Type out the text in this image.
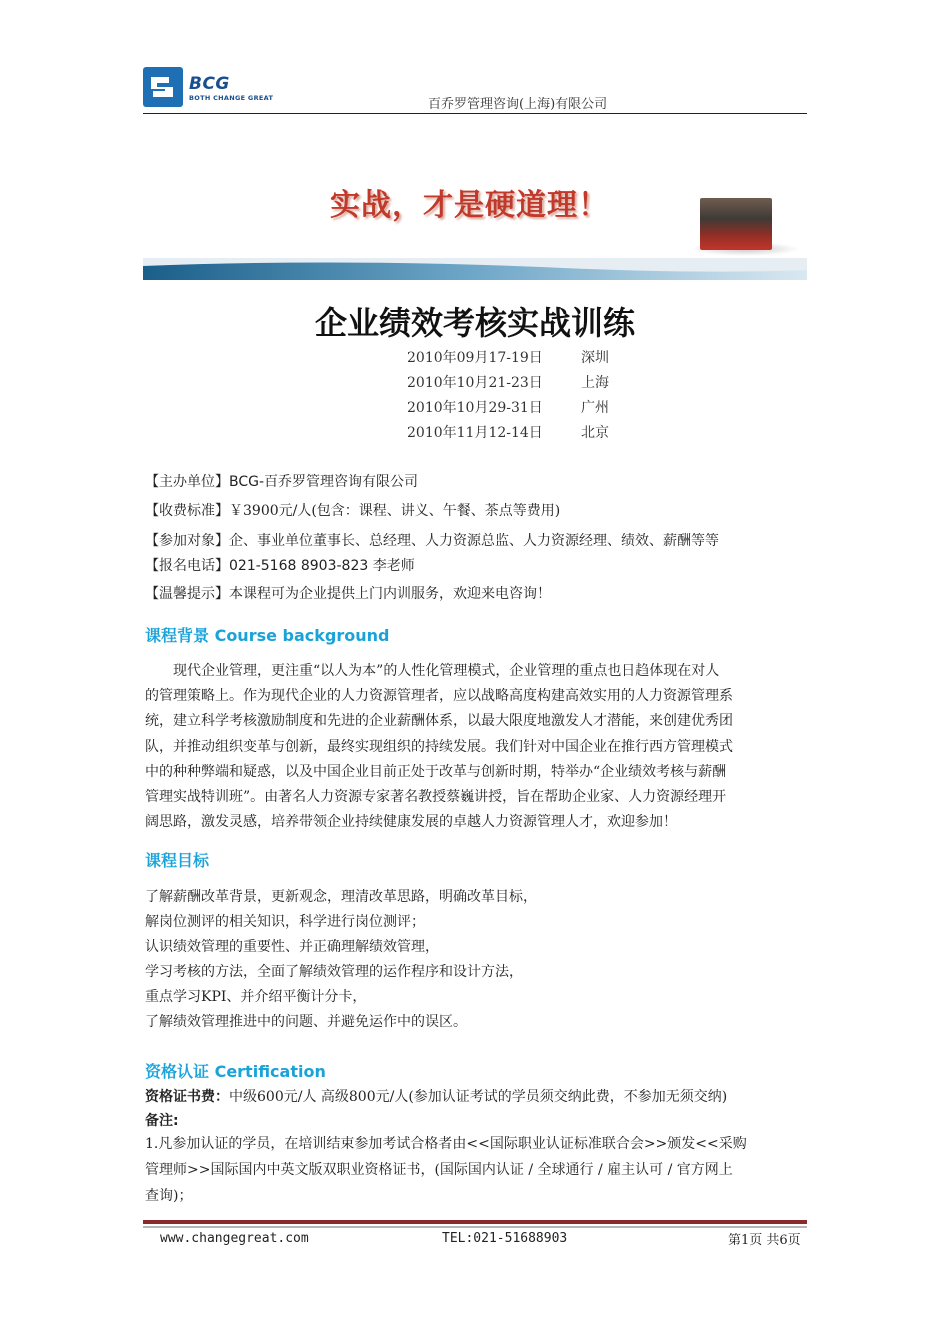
BCG
BOTH CHANGE GREAT	百乔罗管理咨询(上海)有限公司
实战，才是硬道理！
企业绩效考核实战训练
2010年09月17-19日	深圳
2010年10月21-23日	上海
2010年10月29-31日	广州
2010年11月12-14日	北京
【主办单位】BCG-百乔罗管理咨询有限公司
【收费标准】￥3900元/人(包含：课程、讲义、午餐、茶点等费用)
【参加对象】企、事业单位董事长、总经理、人力资源总监、人力资源经理、绩效、薪酬等等
【报名电话】021-5168 8903-823 李老师
【温馨提示】本课程可为企业提供上门内训服务，欢迎来电咨询！
课程背景 Course background

　　现代企业管理，更注重“以人为本”的人性化管理模式，企业管理的重点也日趋体现在对人

的管理策略上。作为现代企业的人力资源管理者，应以战略高度构建高效实用的人力资源管理系

统，建立科学考核激励制度和先进的企业薪酬体系，以最大限度地激发人才潜能，来创建优秀团

队，并推动组织变革与创新，最终实现组织的持续发展。我们针对中国企业在推行西方管理模式

中的种种弊端和疑惑，以及中国企业目前正处于改革与创新时期，特举办“企业绩效考核与薪酬

管理实战特训班”。由著名人力资源专家著名教授蔡巍讲授，旨在帮助企业家、人力资源经理开

阔思路，激发灵感，培养带领企业持续健康发展的卓越人力资源管理人才，欢迎参加！

课程目标
了解薪酬改革背景，更新观念，理清改革思路，明确改革目标，
解岗位测评的相关知识，科学进行岗位测评；
认识绩效管理的重要性、并正确理解绩效管理，
学习考核的方法，全面了解绩效管理的运作程序和设计方法，
重点学习KPI、并介绍平衡计分卡，
了解绩效管理推进中的问题、并避免运作中的误区。
资格认证 Certification
资格证书费：中级600元/人 高级800元/人(参加认证考试的学员须交纳此费，不参加无须交纳)
备注:
1.凡参加认证的学员，在培训结束参加考试合格者由<<国际职业认证标准联合会>>颁发<<采购
管理师>>国际国内中英文版双职业资格证书，(国际国内认证 / 全球通行 / 雇主认可 / 官方网上
查询)；
www.changegreat.com	TEL:021-51688903	第1页 共6页
